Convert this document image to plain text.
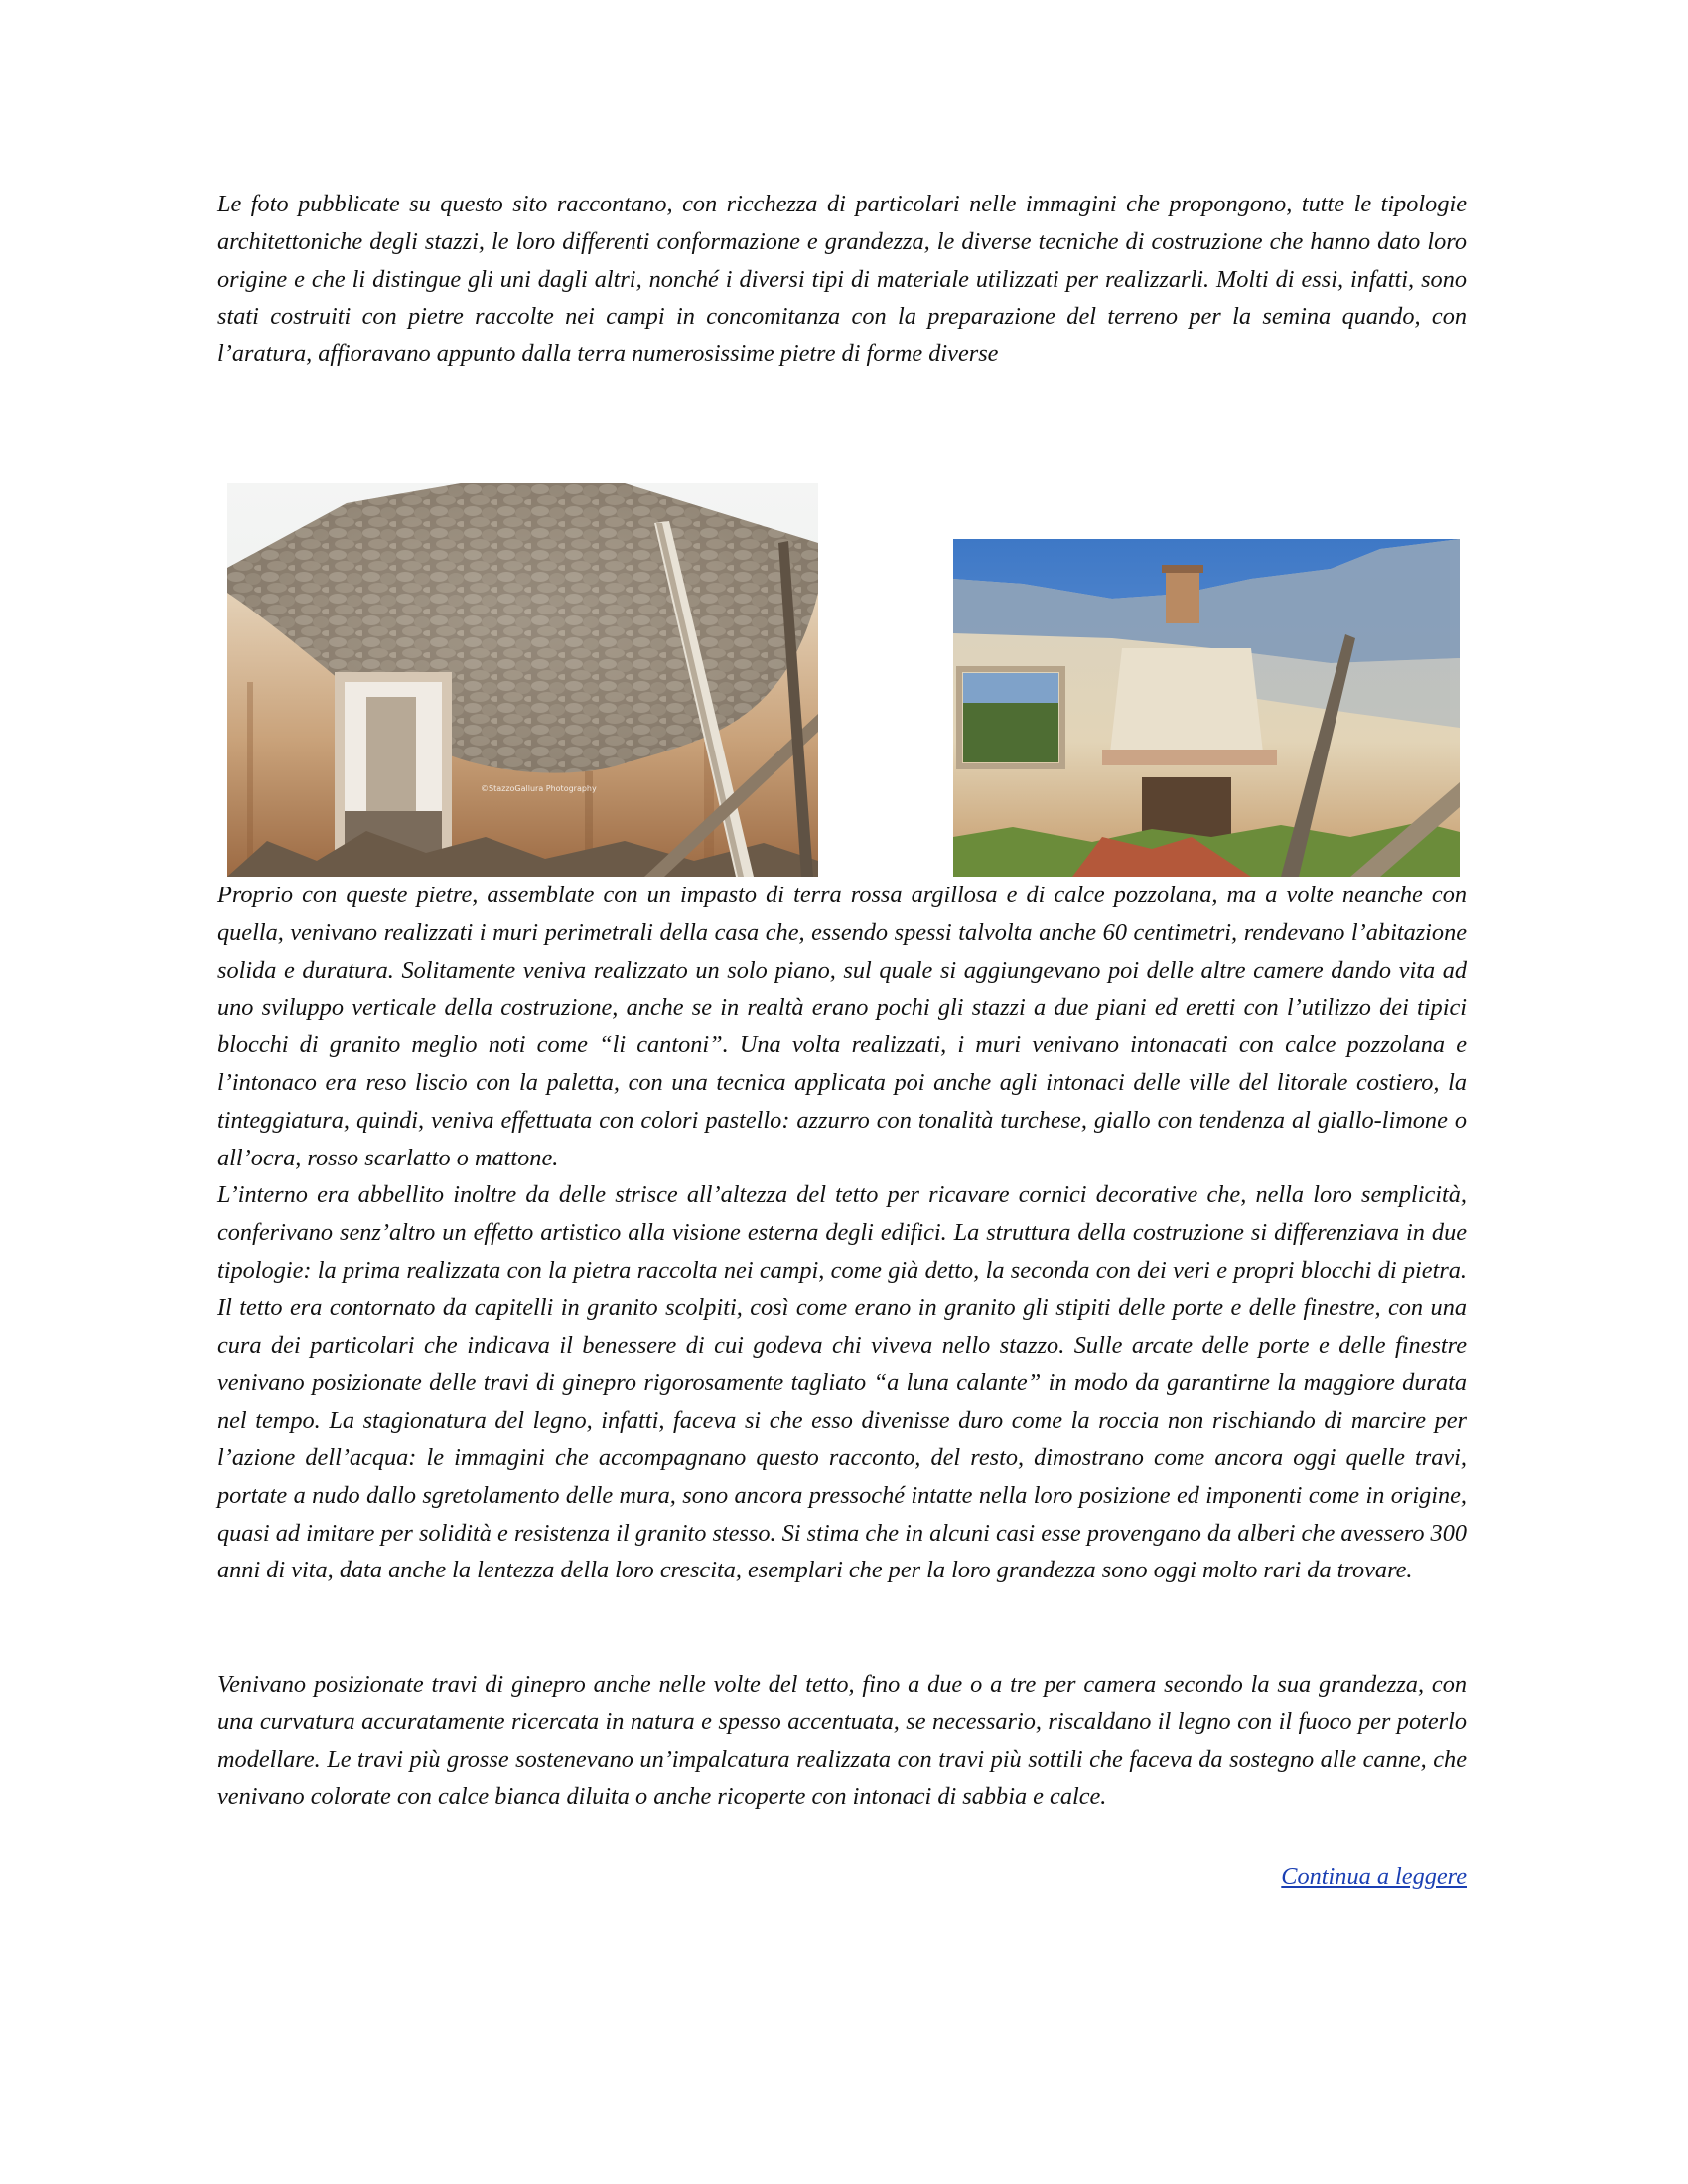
Le foto pubblicate su questo sito raccontano, con ricchezza di particolari nelle immagini che propongono, tutte le tipologie architettoniche degli stazzi, le loro differenti conformazione e grandezza, le diverse tecniche di costruzione che hanno dato loro origine e che li distingue gli uni dagli altri, nonché i diversi tipi di materiale utilizzati per realizzarli. Molti di essi, infatti, sono stati costruiti con pietre raccolte nei campi in concomitanza con la preparazione del terreno per la semina quando, con l’aratura, affioravano appunto dalla terra numerosissime pietre di forme diverse

©StazzoGallura Photography

Proprio con queste pietre, assemblate con un impasto di terra rossa argillosa e di calce pozzolana, ma a volte neanche con quella, venivano realizzati i muri perimetrali della casa che, essendo spessi talvolta anche 60 centimetri, rendevano l’abitazione solida e duratura. Solitamente veniva realizzato un solo piano, sul quale si aggiungevano poi delle altre camere dando vita ad uno sviluppo verticale della costruzione, anche se in realtà erano pochi gli stazzi a due piani ed eretti con l’utilizzo dei tipici blocchi di granito meglio noti come “li cantoni”. Una volta realizzati, i muri venivano intonacati con calce pozzolana e l’intonaco era reso liscio con la paletta, con una tecnica applicata poi anche agli intonaci delle ville del litorale costiero, la tinteggiatura, quindi, veniva effettuata con colori pastello: azzurro con tonalità turchese, giallo con tendenza al giallo-limone o all’ocra, rosso scarlatto o mattone.

L’interno era abbellito inoltre da delle strisce all’altezza del tetto per ricavare cornici decorative che, nella loro semplicità, conferivano senz’altro un effetto artistico alla visione esterna degli edifici. La struttura della costruzione si differenziava in due tipologie: la prima realizzata con la pietra raccolta nei campi, come già detto, la seconda con dei veri e propri blocchi di pietra. Il tetto era contornato da capitelli in granito scolpiti, così come erano in granito gli stipiti delle porte e delle finestre, con una cura dei particolari che indicava il benessere di cui godeva chi viveva nello stazzo. Sulle arcate delle porte e delle finestre venivano posizionate delle travi di ginepro rigorosamente tagliato “a luna calante” in modo da garantirne la maggiore durata nel tempo. La stagionatura del legno, infatti, faceva si che esso divenisse duro come la roccia non rischiando di marcire per l’azione dell’acqua: le immagini che accompagnano questo racconto, del resto, dimostrano come ancora oggi quelle travi, portate a nudo dallo sgretolamento delle mura, sono ancora pressoché intatte nella loro posizione ed imponenti come in origine, quasi ad imitare per solidità e resistenza il granito stesso. Si stima che in alcuni casi esse provengano da alberi che avessero 300 anni di vita, data anche la lentezza della loro crescita, esemplari che per la loro grandezza sono oggi molto rari da trovare.

Venivano posizionate travi di ginepro anche nelle volte del tetto, fino a due o a tre per camera secondo la sua grandezza, con una curvatura accuratamente ricercata in natura e spesso accentuata, se necessario, riscaldano il legno con il fuoco per poterlo modellare. Le travi più grosse sostenevano un’impalcatura realizzata con travi più sottili che faceva da sostegno alle canne, che venivano colorate con calce bianca diluita o anche ricoperte con intonaci di sabbia e calce.

Continua a leggere
